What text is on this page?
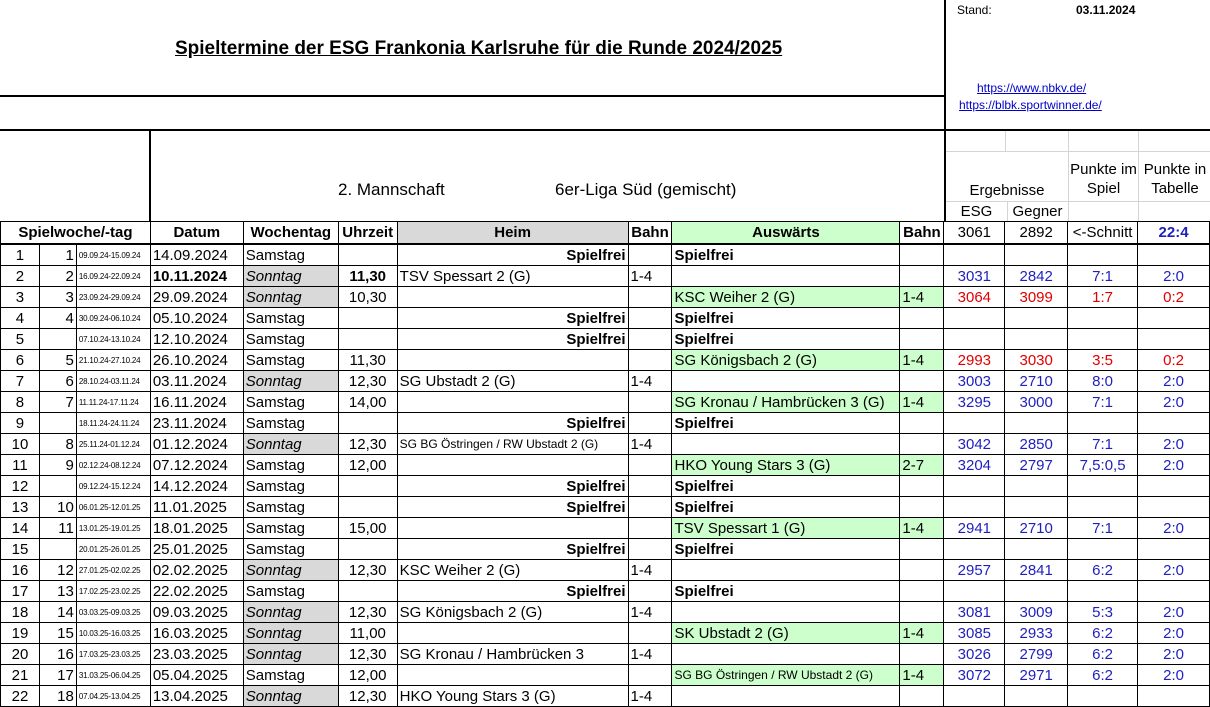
Spieltermine der ESG Frankonia Karlsruhe für die Runde 2024/2025
Stand:	03.11.2024
https://www.nbkv.de/
https://blbk.sportwinner.de/
2. Mannschaft	6er-Liga Süd (gemischt)	Ergebnisse
Punkte im Spiel
Punkte in Tabelle
ESG	Gegner
Spielwoche/-tag			Datum	Wochentag	Uhrzeit	Heim	Bahn	Auswärts	Bahn	3061	2892	<-Schnitt	22:4
1	1	09.09.24-15.09.24	14.09.2024	Samstag		Spielfrei		Spielfrei					
2	2	16.09.24-22.09.24	10.11.2024	Sonntag	11,30	TSV Spessart 2 (G)	1-4			3031	2842	7:1	2:0
3	3	23.09.24-29.09.24	29.09.2024	Sonntag	10,30			KSC Weiher 2 (G)	1-4	3064	3099	1:7	0:2
4	4	30.09.24-06.10.24	05.10.2024	Samstag		Spielfrei		Spielfrei					
5		07.10.24-13.10.24	12.10.2024	Samstag		Spielfrei		Spielfrei					
6	5	21.10.24-27.10.24	26.10.2024	Samstag	11,30			SG Königsbach 2 (G)	1-4	2993	3030	3:5	0:2
7	6	28.10.24-03.11.24	03.11.2024	Sonntag	12,30	SG Ubstadt 2 (G)	1-4			3003	2710	8:0	2:0
8	7	11.11.24-17.11.24	16.11.2024	Samstag	14,00			SG Kronau / Hambrücken 3 (G)	1-4	3295	3000	7:1	2:0
9		18.11.24-24.11.24	23.11.2024	Samstag		Spielfrei		Spielfrei					
10	8	25.11.24-01.12.24	01.12.2024	Sonntag	12,30	SG BG Östringen / RW Ubstadt 2 (G)	1-4			3042	2850	7:1	2:0
11	9	02.12.24-08.12.24	07.12.2024	Samstag	12,00			HKO Young Stars 3 (G)	2-7	3204	2797	7,5:0,5	2:0
12		09.12.24-15.12.24	14.12.2024	Samstag		Spielfrei		Spielfrei					
13	10	06.01.25-12.01.25	11.01.2025	Samstag		Spielfrei		Spielfrei					
14	11	13.01.25-19.01.25	18.01.2025	Samstag	15,00			TSV Spessart 1 (G)	1-4	2941	2710	7:1	2:0
15		20.01.25-26.01.25	25.01.2025	Samstag		Spielfrei		Spielfrei					
16	12	27.01.25-02.02.25	02.02.2025	Sonntag	12,30	KSC Weiher 2 (G)	1-4			2957	2841	6:2	2:0
17	13	17.02.25-23.02.25	22.02.2025	Samstag		Spielfrei		Spielfrei					
18	14	03.03.25-09.03.25	09.03.2025	Sonntag	12,30	SG Königsbach 2 (G)	1-4			3081	3009	5:3	2:0
19	15	10.03.25-16.03.25	16.03.2025	Sonntag	11,00			SK Ubstadt 2 (G)	1-4	3085	2933	6:2	2:0
20	16	17.03.25-23.03.25	23.03.2025	Sonntag	12,30	SG Kronau / Hambrücken 3	1-4			3026	2799	6:2	2:0
21	17	31.03.25-06.04.25	05.04.2025	Samstag	12,00			SG BG Östringen / RW Ubstadt 2 (G)	1-4	3072	2971	6:2	2:0
22	18	07.04.25-13.04.25	13.04.2025	Sonntag	12,30	HKO Young Stars 3 (G)	1-4						
